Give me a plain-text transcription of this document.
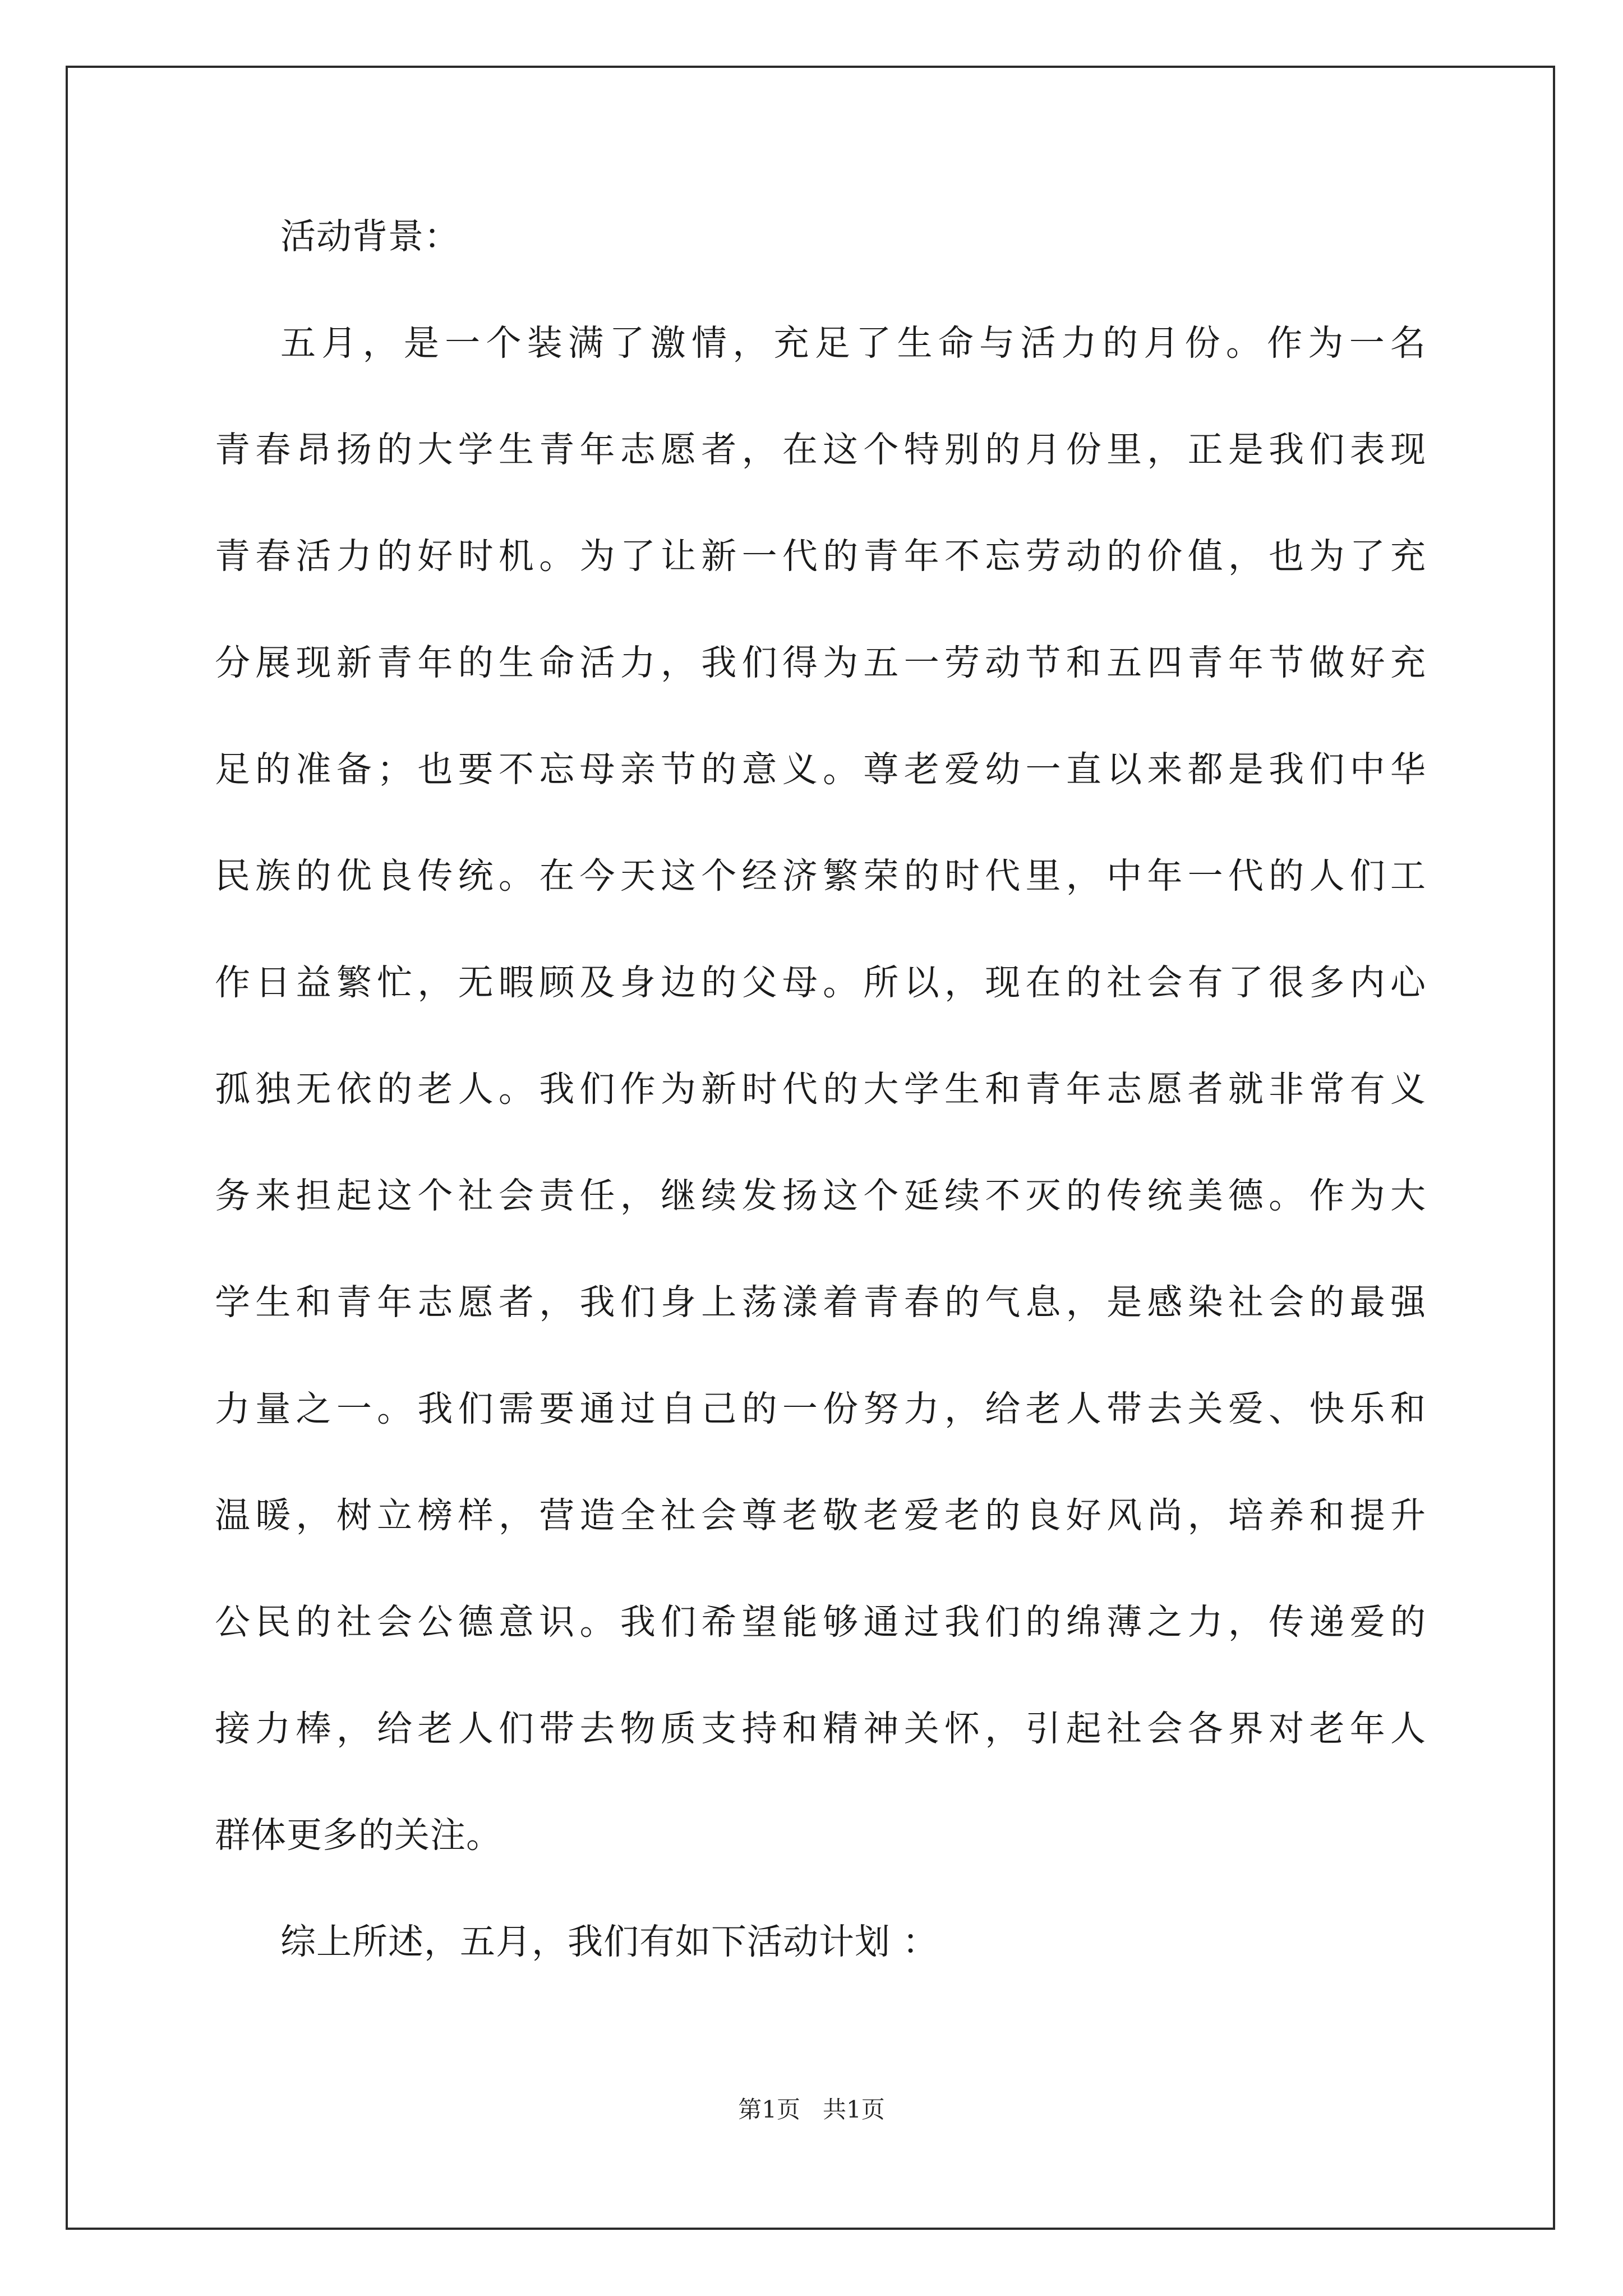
活动背景：
五月，是一个装满了激情，充足了生命与活力的月份。作为一名
青春昂扬的大学生青年志愿者，在这个特别的月份里，正是我们表现
青春活力的好时机。为了让新一代的青年不忘劳动的价值，也为了充
分展现新青年的生命活力，我们得为五一劳动节和五四青年节做好充
足的准备；也要不忘母亲节的意义。尊老爱幼一直以来都是我们中华
民族的优良传统。在今天这个经济繁荣的时代里，中年一代的人们工
作日益繁忙，无暇顾及身边的父母。所以，现在的社会有了很多内心
孤独无依的老人。我们作为新时代的大学生和青年志愿者就非常有义
务来担起这个社会责任，继续发扬这个延续不灭的传统美德。作为大
学生和青年志愿者，我们身上荡漾着青春的气息，是感染社会的最强
力量之一。我们需要通过自己的一份努力，给老人带去关爱、快乐和
温暖，树立榜样，营造全社会尊老敬老爱老的良好风尚，培养和提升
公民的社会公德意识。我们希望能够通过我们的绵薄之力，传递爱的
接力棒，给老人们带去物质支持和精神关怀，引起社会各界对老年人
群体更多的关注。
综上所述，五月，我们有如下活动计划 ：
第1页 共1页
